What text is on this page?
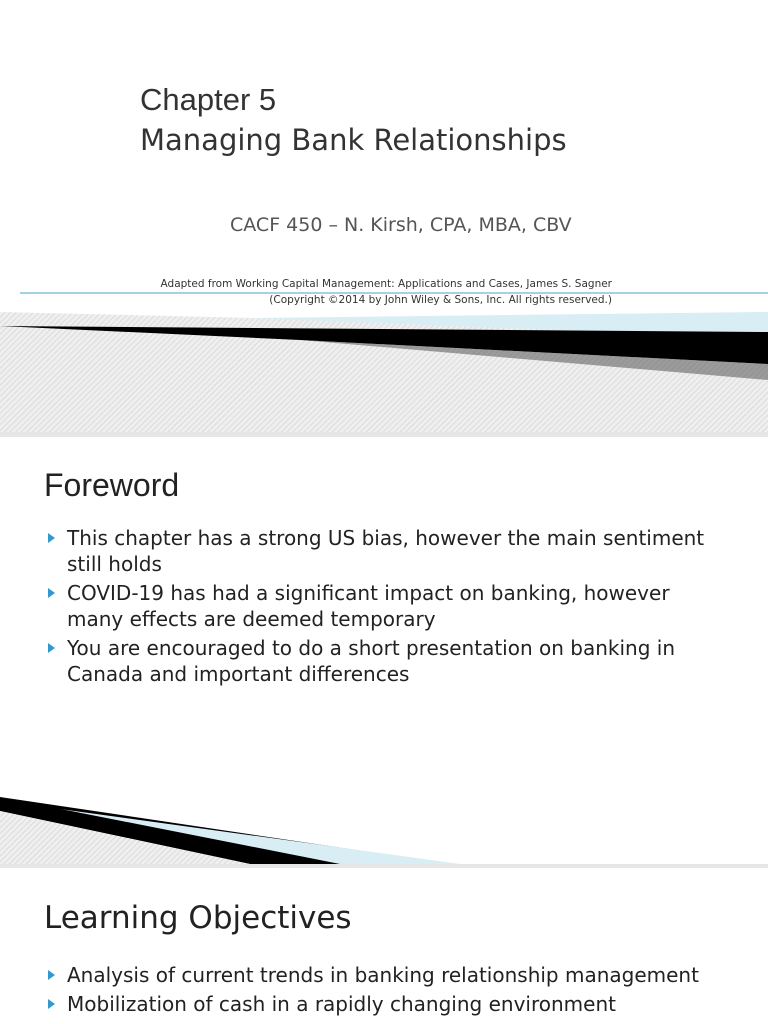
Chapter 5
Managing Bank Relationships
CACF 450 – N. Kirsh, CPA, MBA, CBV
Adapted from Working Capital Management: Applications and Cases, James S. Sagner
(Copyright ©2014 by John Wiley & Sons, Inc. All rights reserved.)
Foreword
This chapter has a strong US bias, however the main sentiment still holds
COVID-19 has had a significant impact on banking, however many effects are deemed temporary
You are encouraged to do a short presentation on banking in Canada and important differences
Learning Objectives
Analysis of current trends in banking relationship management
Mobilization of cash in a rapidly changing environment
